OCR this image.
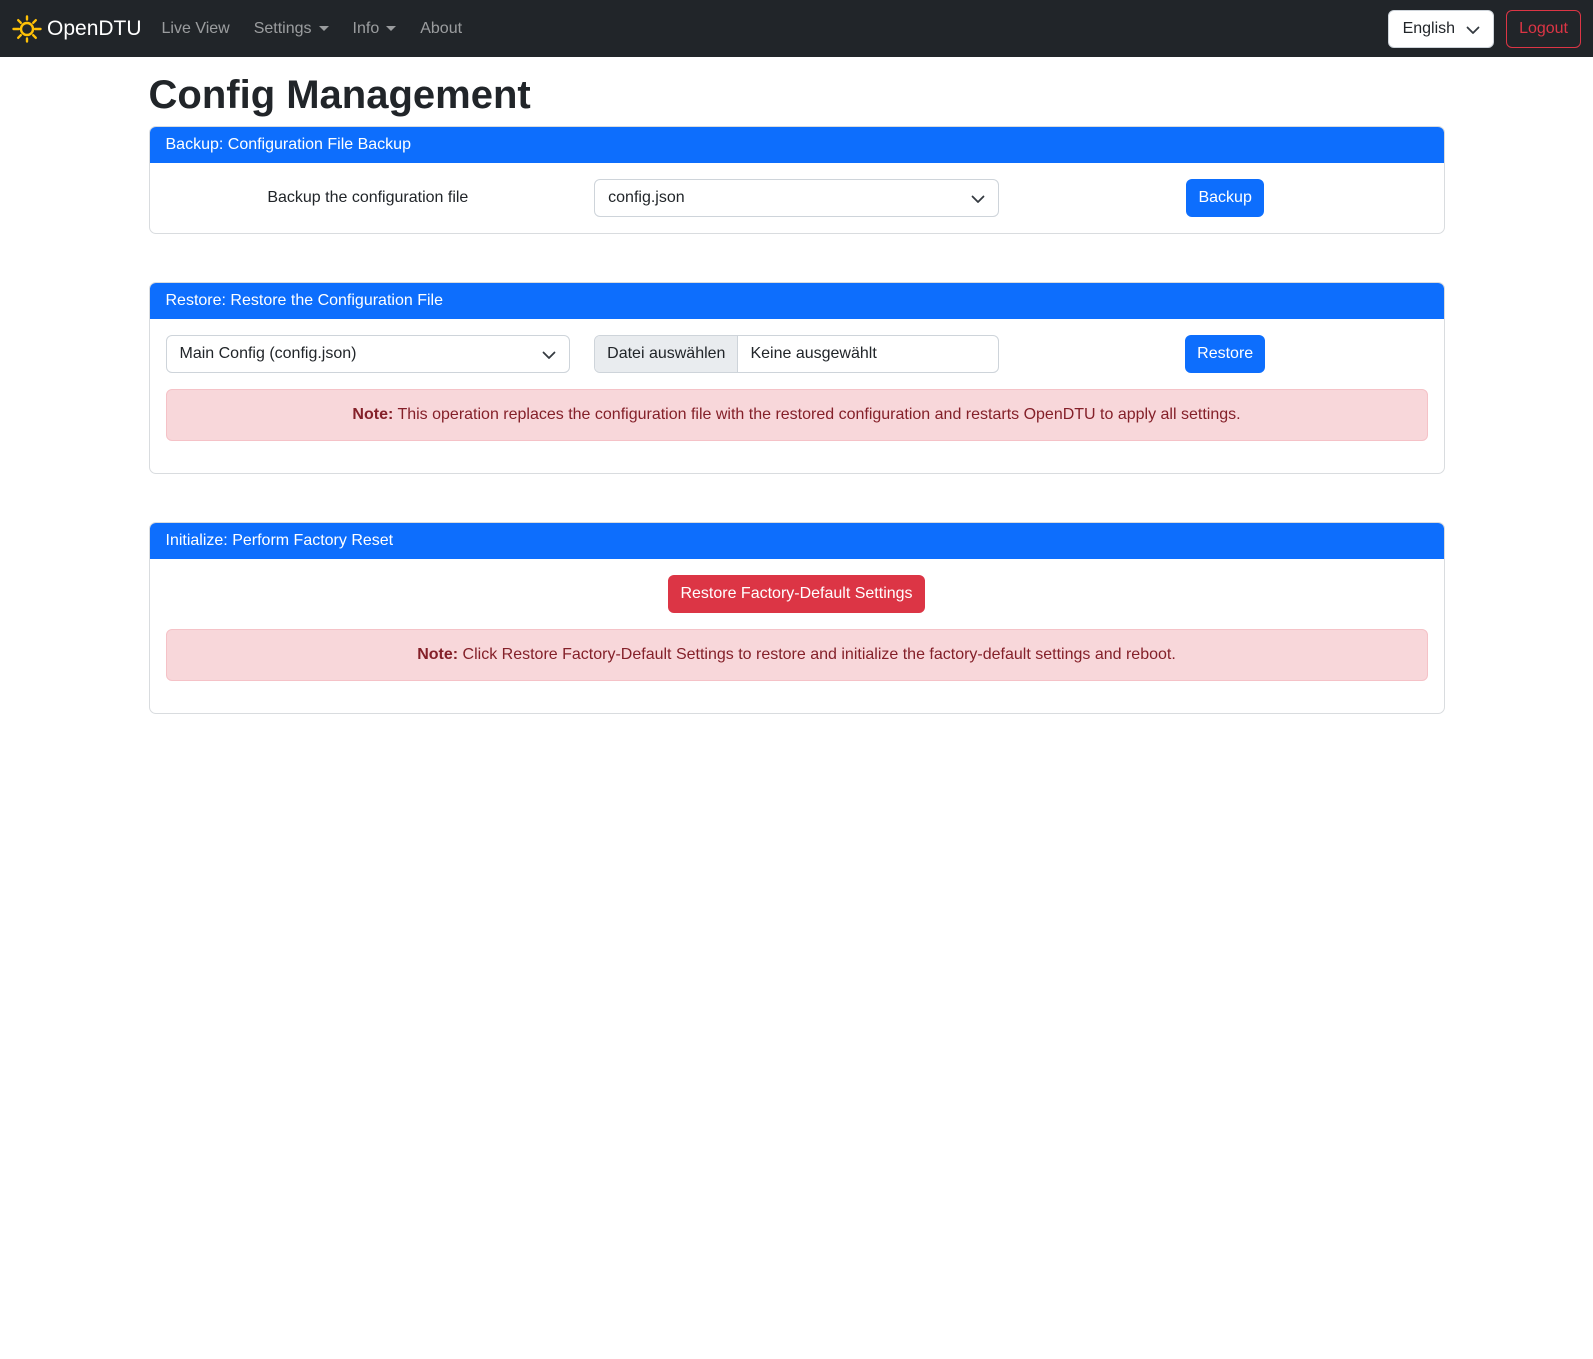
OpenDTU Live View Settings	Info	About	English	Logout
Config Management
Backup: Configuration File Backup
Backup the configuration file	config.json	Backup
Restore: Restore the Configuration File
Main Config (config.json)	Datei auswählen	Keine ausgewählt	Restore
Note: This operation replaces the configuration file with the restored configuration and restarts OpenDTU to apply all settings.
Initialize: Perform Factory Reset
Restore Factory-Default Settings
Note: Click Restore Factory-Default Settings to restore and initialize the factory-default settings and reboot.
